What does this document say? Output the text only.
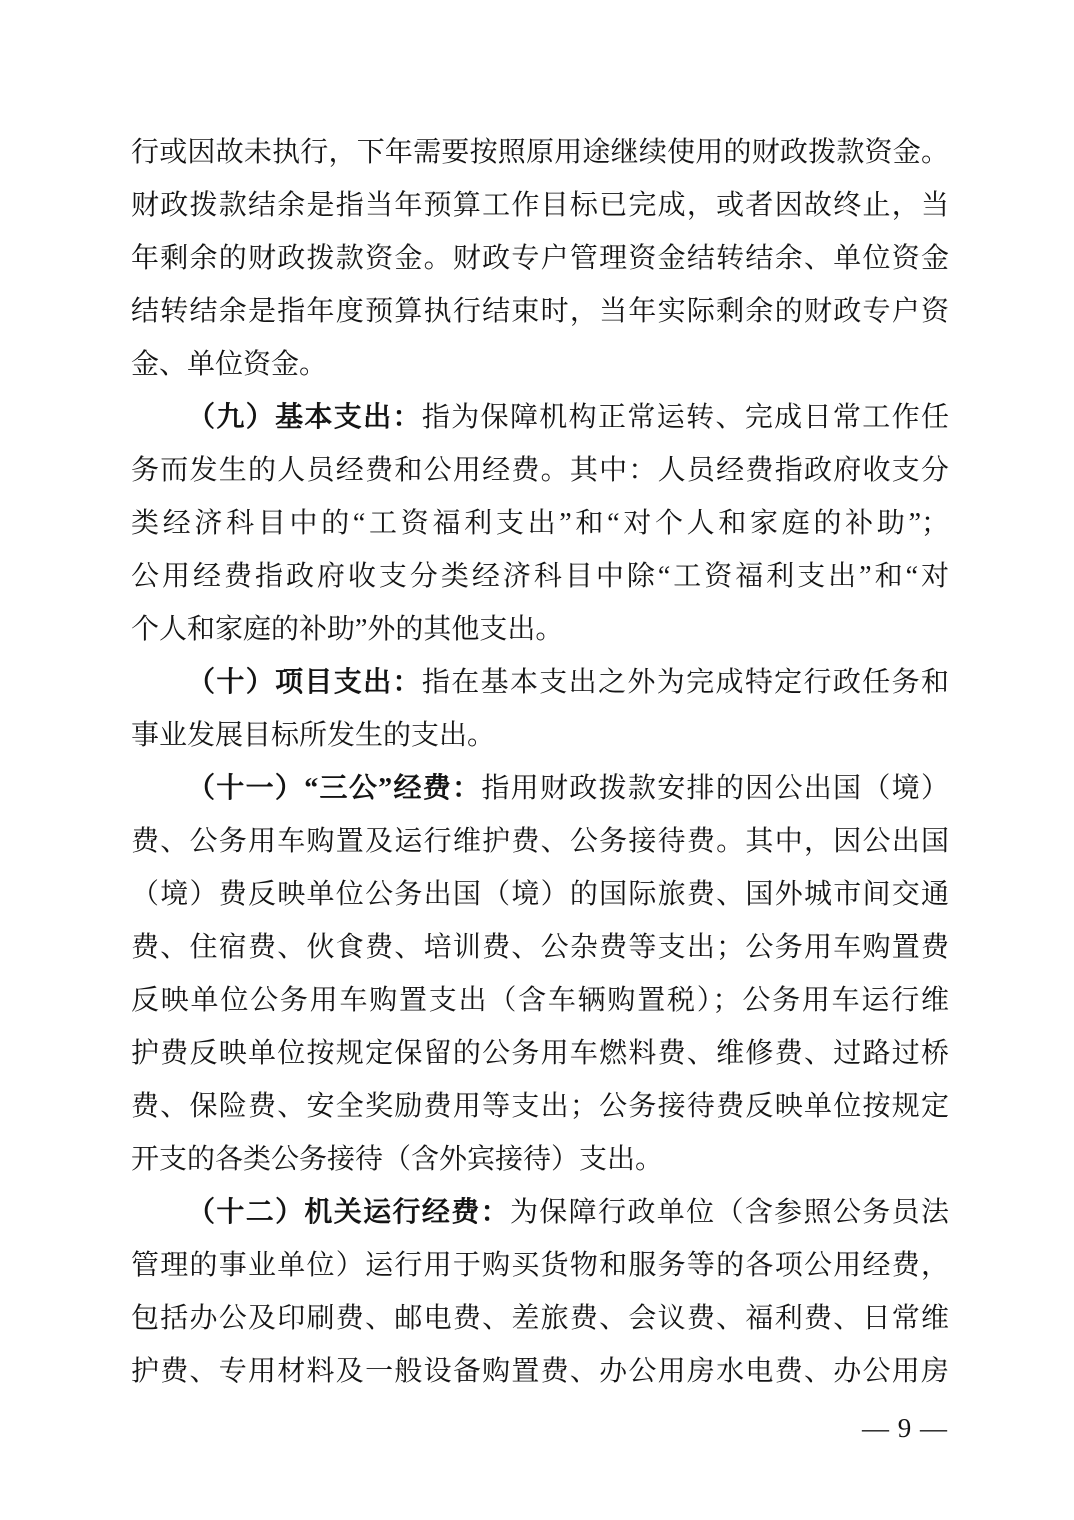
行或因故未执行，下年需要按照原用途继续使用的财政拨款资金。
财政拨款结余是指当年预算工作目标已完成，或者因故终止，当
年剩余的财政拨款资金。财政专户管理资金结转结余、单位资金
结转结余是指年度预算执行结束时，当年实际剩余的财政专户资
金、单位资金。
（九）基本支出：指为保障机构正常运转、完成日常工作任
务而发生的人员经费和公用经费。其中：人员经费指政府收支分
类经济科目中的“工资福利支出”和“对个人和家庭的补助”；
公用经费指政府收支分类经济科目中除“工资福利支出”和“对
个人和家庭的补助”外的其他支出。
（十）项目支出：指在基本支出之外为完成特定行政任务和
事业发展目标所发生的支出。
（十一）“三公”经费：指用财政拨款安排的因公出国（境）
费、公务用车购置及运行维护费、公务接待费。其中，因公出国
（境）费反映单位公务出国（境）的国际旅费、国外城市间交通
费、住宿费、伙食费、培训费、公杂费等支出；公务用车购置费
反映单位公务用车购置支出（含车辆购置税）；公务用车运行维
护费反映单位按规定保留的公务用车燃料费、维修费、过路过桥
费、保险费、安全奖励费用等支出；公务接待费反映单位按规定
开支的各类公务接待（含外宾接待）支出。
（十二）机关运行经费：为保障行政单位（含参照公务员法
管理的事业单位）运行用于购买货物和服务等的各项公用经费，
包括办公及印刷费、邮电费、差旅费、会议费、福利费、日常维
护费、专用材料及一般设备购置费、办公用房水电费、办公用房
— 9 —
